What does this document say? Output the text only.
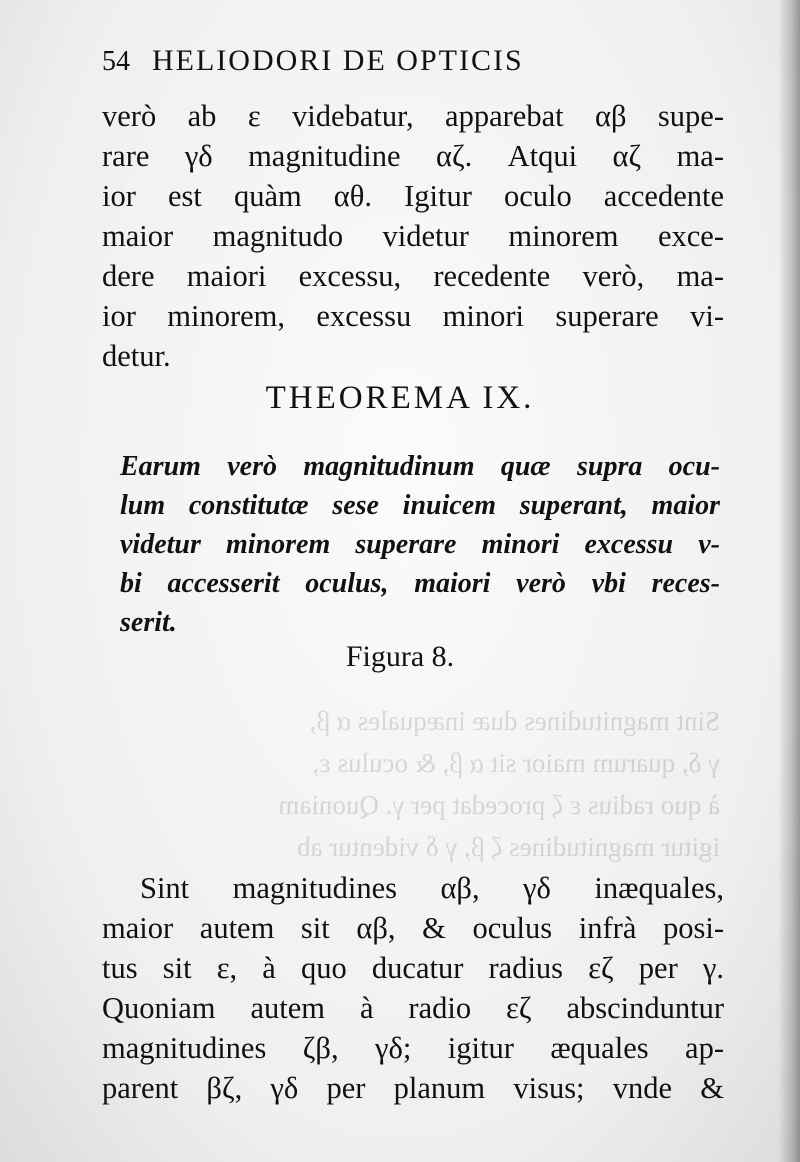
Sint magnitudines duæ inæquales α β,
γ δ, quarum maior sit α β, & oculus ε,
à quo radius ε ζ procedat per γ. Quoniam
igitur magnitudines ζ β, γ δ videntur ab
54 HELIODORI DE OPTICIS
verò ab ε videbatur, apparebat αβ supe-
rare γδ magnitudine αζ. Atqui αζ ma-
ior est quàm αθ. Igitur oculo accedente
maior magnitudo videtur minorem exce-
dere maiori excessu, recedente verò, ma-
ior minorem, excessu minori superare vi-
detur.
THEOREMA IX.
Earum verò magnitudinum quæ supra ocu-
lum constitutæ sese inuicem superant, maior
videtur minorem superare minori excessu v-
bi accesserit oculus, maiori verò vbi reces-
serit.
Figura 8.
Sint magnitudines αβ, γδ inæquales,
maior autem sit αβ, & oculus infrà posi-
tus sit ε, à quo ducatur radius εζ per γ.
Quoniam autem à radio εζ abscinduntur
magnitudines ζβ, γδ; igitur æquales ap-
parent βζ, γδ per planum visus; vnde &
